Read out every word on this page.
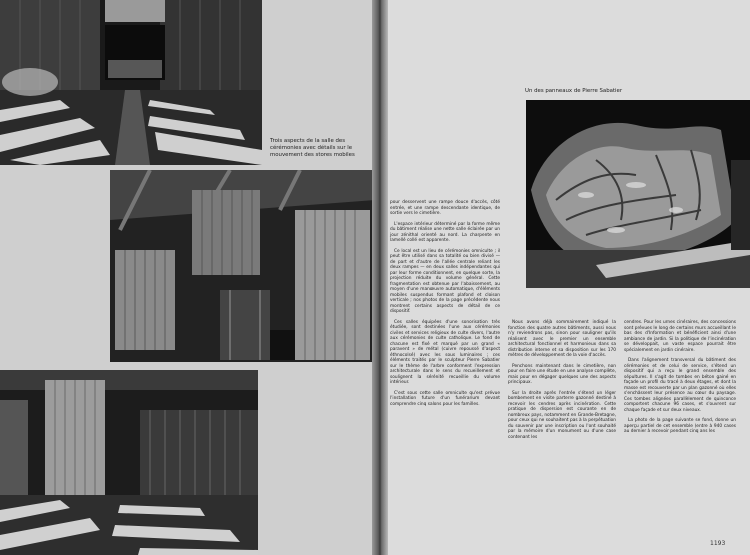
Trois aspects de la salle des cérémonies avec détails sur le mouvement des stores mobiles
Un des panneaux de Pierre Sabatier

pour desservent une rampe douce d'accès, côté entrée, et une rampe descendante identique, de sortie vers le cimetière.

L'espace intérieur déterminé par la forme même du bâtiment réalise une nette salle éclairée par un jour zénithal orienté au nord. La charpente en lamellé collé est apparente.

Ce local est un lieu de cérémonies omniculte ; il peut être utilisé dans sa totalité ou bien divisé — de part et d'autre de l'allée centrale reliant les deux rampes — en deux salles indépendantes qui par leur forme conditionnent, en quelque sorte, la projection réduite du volume général. Cette fragmentation est obtenue par l'abaissement, au moyen d'une manœuvre automatique, d'éléments mobiles suspendus formant plafond et cloison verticale ; nos photos de la page précédente nous montrent certains aspects de détail de ce dispositif.

Ces salles équipées d'une sonorisation très étudiée, sont destinées l'une aux cérémonies civiles et services religieux de culte divers, l'autre aux cérémonies de culte catholique. Le fond de chacune est fixé et marqué par un grand « paravent » de métal (cuivre repoussé d'aspect éthnocolsé) avec les sous luminaires ; ces éléments traités par le sculpteur Pierre Sabatier sur le thème de l'arbre conforment l'expression architecturale dans le sens du recueillement et soulignent la sérénité recueillie du volume intérieur.

C'est sous cette salle omniculte qu'est prévue l'installation future d'un funérarium devant comprendre cinq salons pour les familles.

Nous avons déjà sommairement indiqué la fonction des quatre autres bâtiments, aussi nous n'y reviendrons pas, sinon pour souligner qu'ils réalisent avec le premier un ensemble architectural fonctionnel et harmonieux dans sa distribution interne et sa disposition sur les 170 mètres de développement de la voie d'accès.

Penchons maintenant dans le cimetière, non pour en faire une étude en une analyse complète, mais pour en dégager quelques une des aspects principaux.

Sur la droite après l'entrée s'étend un léger bombement en visite parterre gazonné destiné à recevoir les cendres après incinération. Cette pratique de dispersion est courante en de nombreux pays, notamment en Grande-Bretagne, pour ceux qui ne souhaitent pas à la perpétuation du souvenir par une inscription ou l'ont souhaité par la mémoire d'un monument ou d'une case contenant les

cendres. Pour les urnes cinéraires, des concessions sont prévues le long de certains murs accueillant le bas des d'Information et bénéficient ainsi d'une ambiance de jardin. Si la politique de l'incinération se développait, un vaste espace pourrait être spécialement en jardin cinéraire.

Dans l'alignement transversal du bâtiment des cérémonies et de celui de service, s'étend un dispositif qui a reçu le grand ensemble des sépultures. Il s'agit de tombes en béton gainé en façade un profil du tracé à deux étages, et dont la masse est recouverte par un plan gazonné où elles s'enchâssent leur présence au cœur du paysage. Ces tombes alignées parallèlement de quinconce comportent chacune 96 cases, et s'ouvrent sur chaque façade et sur deux niveaux.

La photo de la page suivante se fond, donne un aperçu partiel de cet ensemble (entre à 940 cases au dernier à recevoir pendant cinq ans les

1193
